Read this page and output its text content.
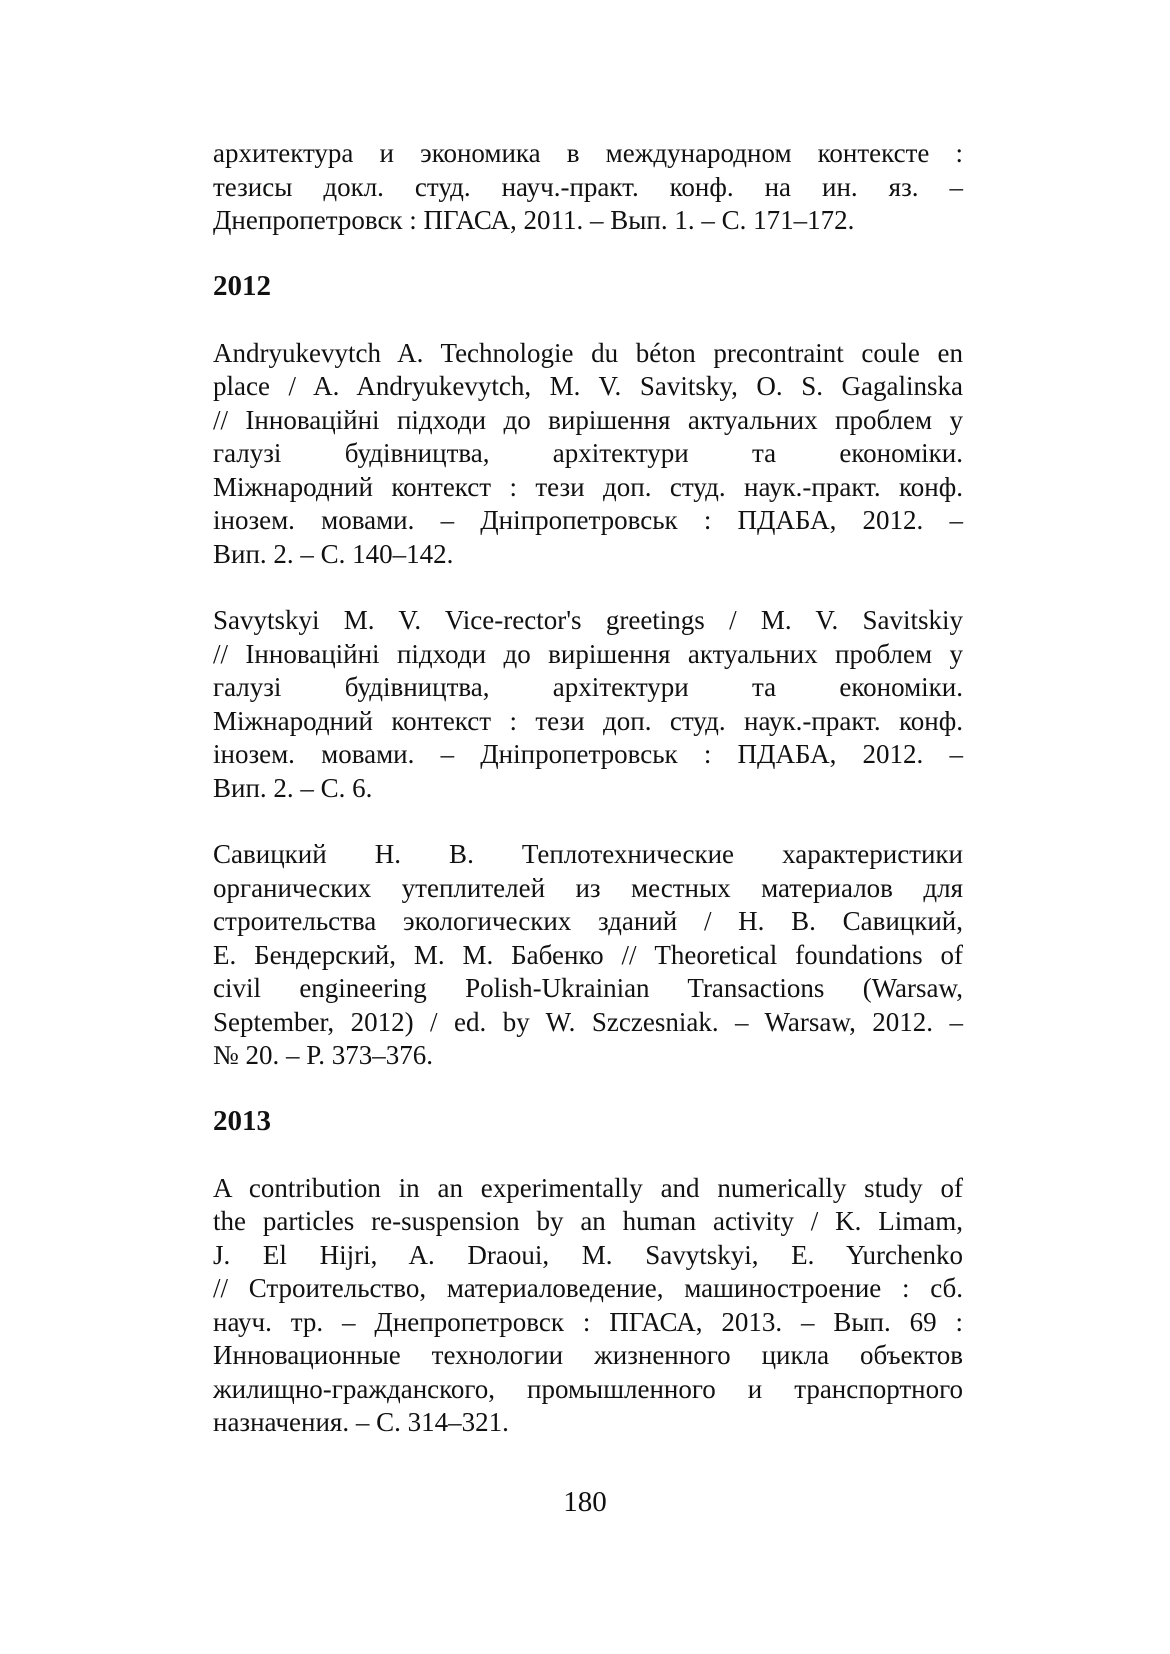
архитектура и экономика в международном контексте :
тезисы докл. студ. науч.-практ. конф. на ин. яз. –
Днепропетровск : ПГАСА, 2011. – Вып. 1. – С. 171–172.

2012

Andryukevytch A. Technologie du béton precontraint coule en
place / A. Andryukevytch, M. V. Savitsky, O. S. Gagalinska
// Інноваційні підходи до вирішення актуальних проблем у
галузі будівництва, архітектури та економіки.
Міжнародний контекст : тези доп. студ. наук.-практ. конф.
інозем. мовами. – Дніпропетровськ : ПДАБА, 2012. –
Вип. 2. – С. 140–142.

Savytskyi M. V. Vice-rector's greetings / M. V. Savitskiy
// Інноваційні підходи до вирішення актуальних проблем у
галузі будівництва, архітектури та економіки.
Міжнародний контекст : тези доп. студ. наук.-практ. конф.
інозем. мовами. – Дніпропетровськ : ПДАБА, 2012. –
Вип. 2. – С. 6.

Савицкий Н. В. Теплотехнические характеристики
органических утеплителей из местных материалов для
строительства экологических зданий / Н. В. Савицкий,
Е. Бендерский, М. М. Бабенко // Theoretical foundations of
civil engineering Polish-Ukrainian Transactions (Warsaw,
September, 2012) / ed. by W. Szczesniak. – Warsaw, 2012. –
№ 20. – P. 373–376.

2013

A contribution in an experimentally and numerically study of
the particles re-suspension by an human activity / K. Limam,
J. El Hijri, A. Draoui, M. Savytskyi, E. Yurchenko
// Строительство, материаловедение, машиностроение : сб.
науч. тр. – Днепропетровск : ПГАСА, 2013. – Вып. 69 :
Инновационные технологии жизненного цикла объектов
жилищно-гражданского, промышленного и транспортного
назначения. – С. 314–321.

180
